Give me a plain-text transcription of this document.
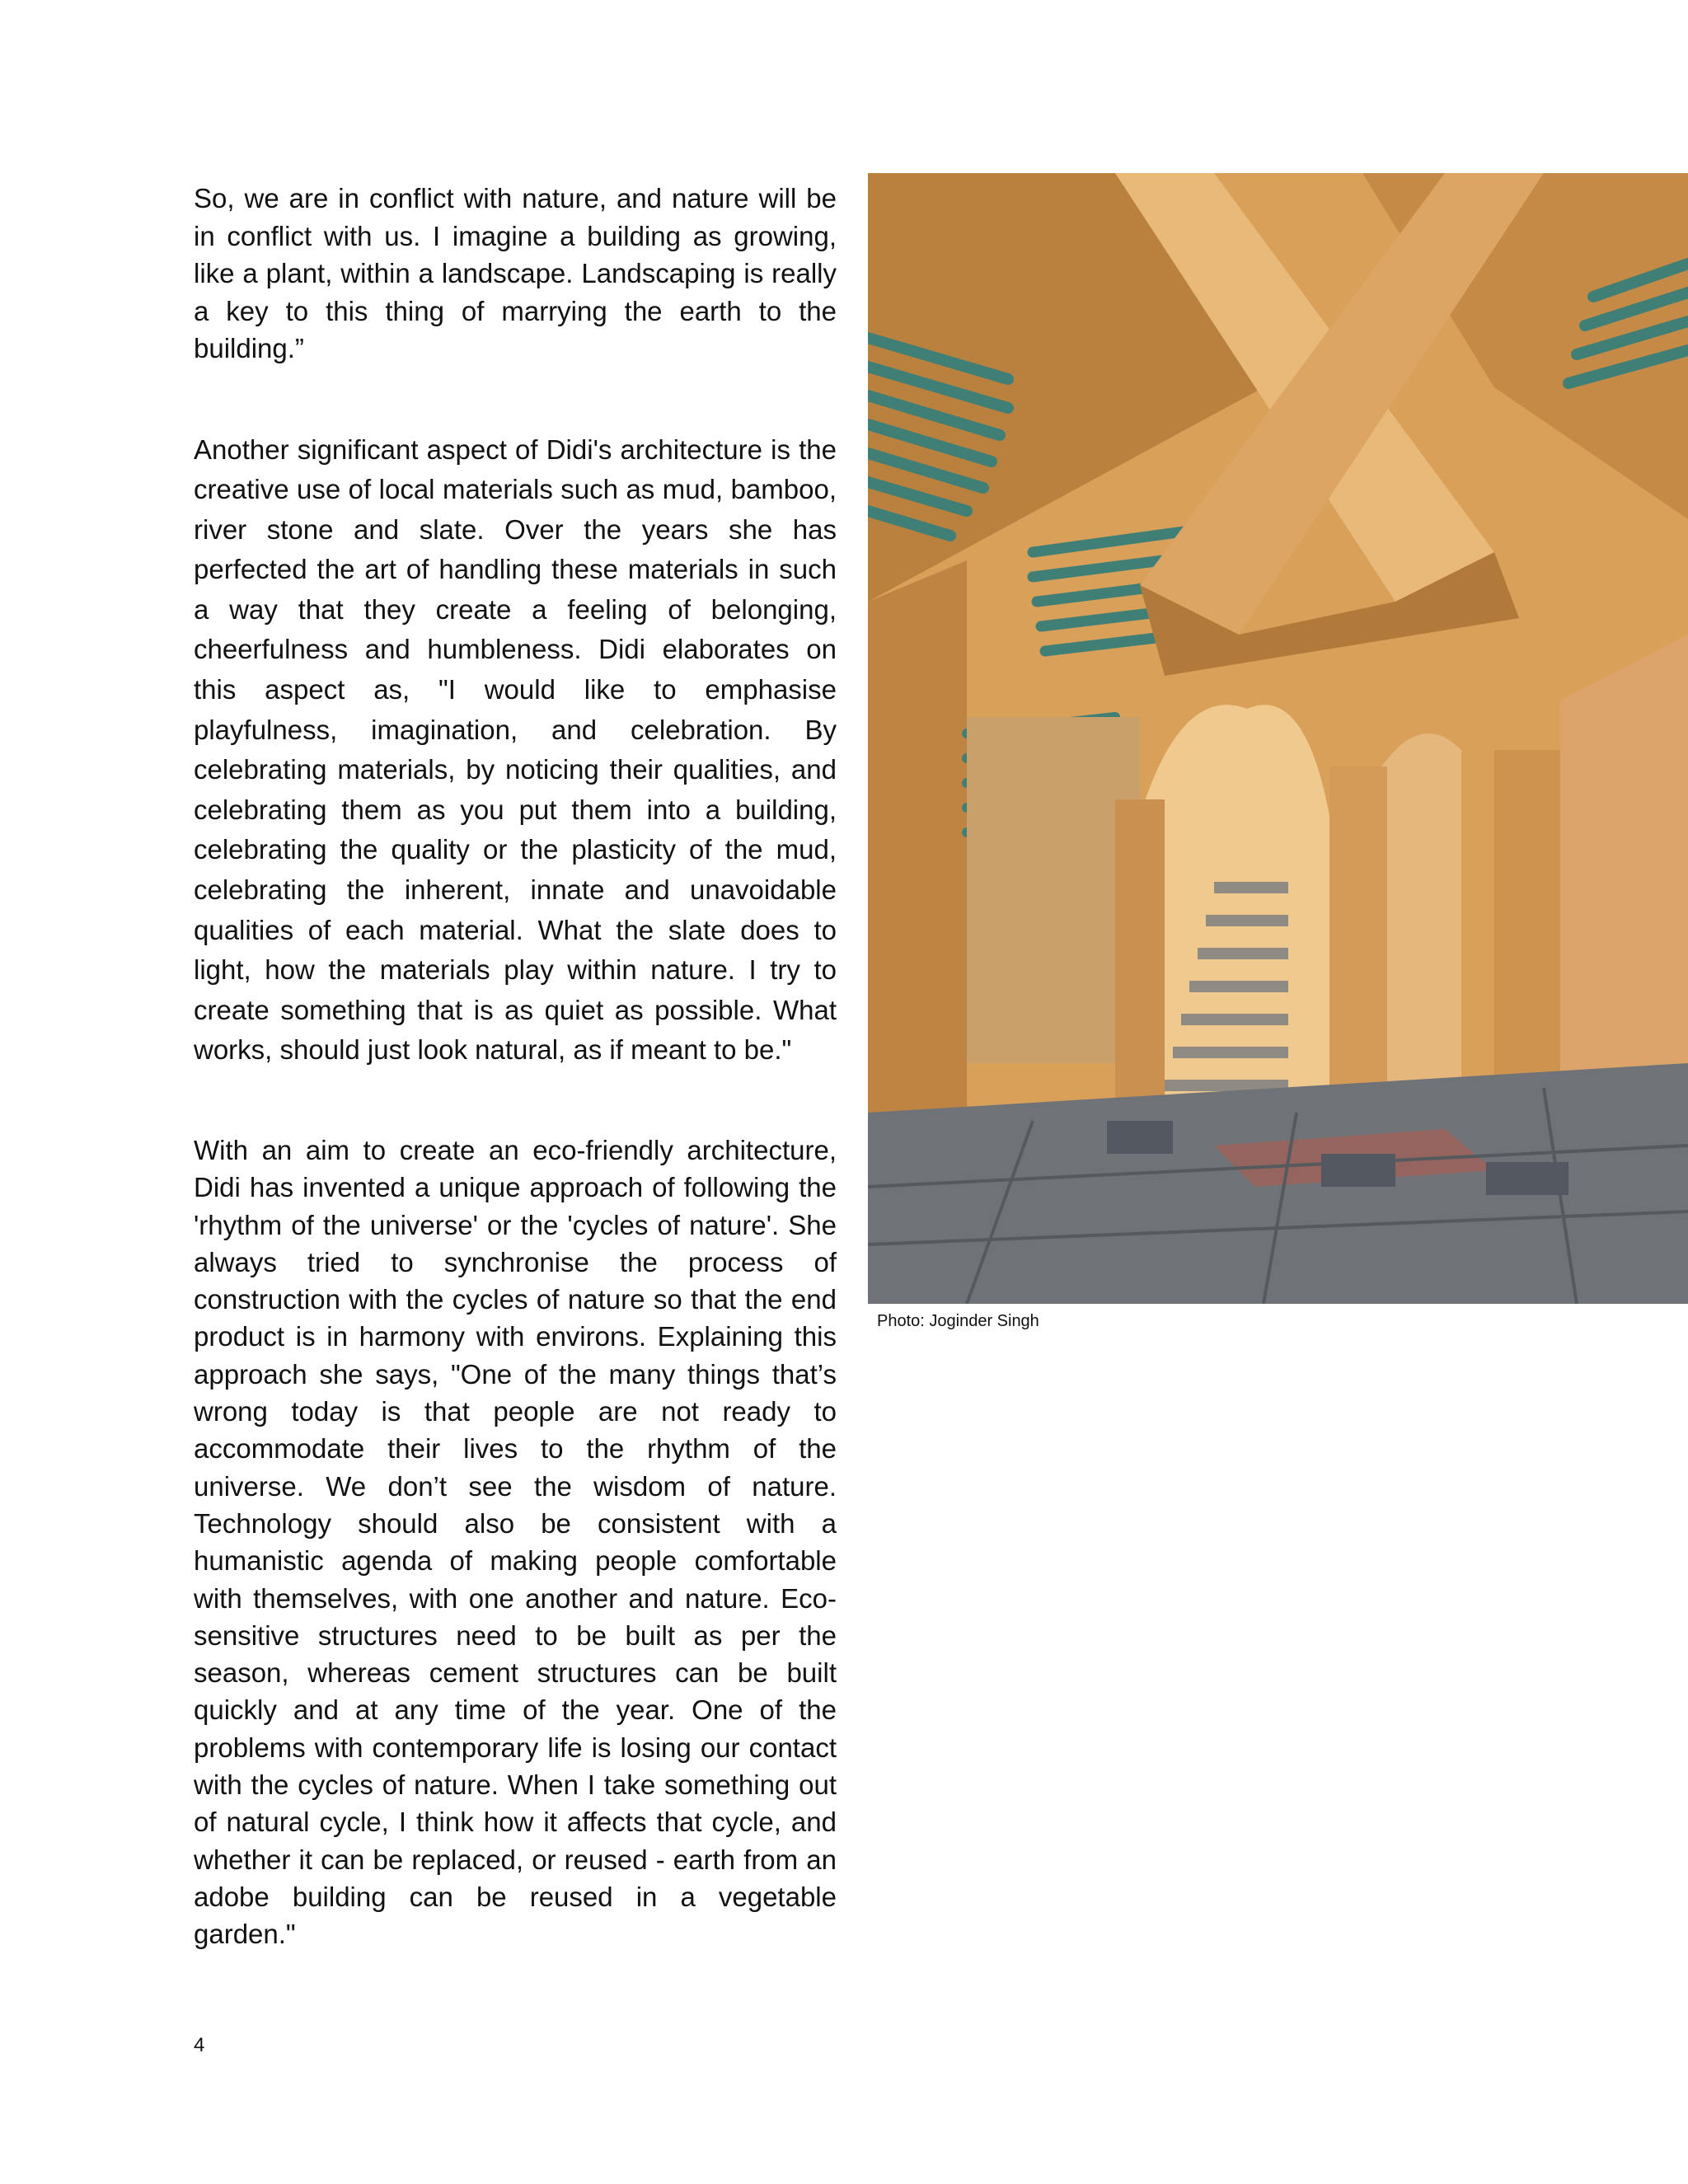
So, we are in conflict with nature, and nature will be in conflict with us. I imagine a building as growing, like a plant, within a landscape. Landscaping is really a key to this thing of marrying the earth to the building.”

Another significant aspect of Didi's architecture is the creative use of local materials such as mud, bamboo, river stone and slate. Over the years she has perfected the art of handling these materials in such a way that they create a feeling of belonging, cheerfulness and humbleness. Didi elaborates on this aspect as, "I would like to emphasise playfulness, imagination, and celebration. By celebrating materials, by noticing their qualities, and celebrating them as you put them into a building, celebrating the quality or the plasticity of the mud, celebrating the inherent, innate and unavoidable qualities of each material. What the slate does to light, how the materials play within nature. I try to create something that is as quiet as possible. What works, should just look natural, as if meant to be."

With an aim to create an eco-friendly architecture, Didi has invented a unique approach of following the 'rhythm of the universe' or the 'cycles of nature'. She always tried to synchronise the process of construction with the cycles of nature so that the end product is in harmony with environs. Explaining this approach she says, "One of the many things that’s wrong today is that people are not ready to accommodate their lives to the rhythm of the universe. We don’t see the wisdom of nature. Technology should also be consistent with a humanistic agenda of making people comfortable with themselves, with one another and nature. Eco-sensitive structures need to be built as per the season, whereas cement structures can be built quickly and at any time of the year. One of the problems with contemporary life is losing our contact with the cycles of nature. When I take something out of natural cycle, I think how it affects that cycle, and whether it can be replaced, or reused - earth from an adobe building can be reused in a vegetable garden."

Photo: Joginder Singh
4
